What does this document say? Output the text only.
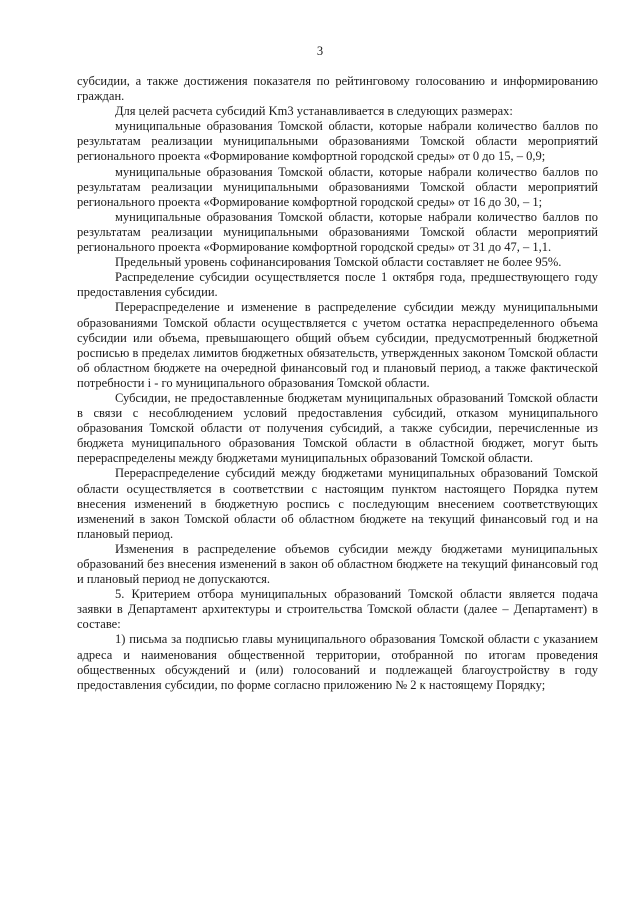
3

субсидии, а также достижения показателя по рейтинговому голосованию и информированию граждан.

Для целей расчета субсидий Km3 устанавливается в следующих размерах:

муниципальные образования Томской области, которые набрали количество баллов по результатам реализации муниципальными образованиями Томской области мероприятий регионального проекта «Формирование комфортной городской среды» от 0 до 15, – 0,9;

муниципальные образования Томской области, которые набрали количество баллов по результатам реализации муниципальными образованиями Томской области мероприятий регионального проекта «Формирование комфортной городской среды» от 16 до 30, – 1;

муниципальные образования Томской области, которые набрали количество баллов по результатам реализации муниципальными образованиями Томской области мероприятий регионального проекта «Формирование комфортной городской среды» от 31 до 47, – 1,1.

Предельный уровень софинансирования Томской области составляет не более 95%.

Распределение субсидии осуществляется после 1 октября года, предшествующего году предоставления субсидии.

Перераспределение и изменение в распределение субсидии между муниципальными образованиями Томской области осуществляется с учетом остатка нераспределенного объема субсидии или объема, превышающего общий объем субсидии, предусмотренный бюджетной росписью в пределах лимитов бюджетных обязательств, утвержденных законом Томской области об областном бюджете на очередной финансовый год и плановый период, а также фактической потребности i - го муниципального образования Томской области.

Субсидии, не предоставленные бюджетам муниципальных образований Томской области в связи с несоблюдением условий предоставления субсидий, отказом муниципального образования Томской области от получения субсидий, а также субсидии, перечисленные из бюджета муниципального образования Томской области в областной бюджет, могут быть перераспределены между бюджетами муниципальных образований Томской области.

Перераспределение субсидий между бюджетами муниципальных образований Томской области осуществляется в соответствии с настоящим пунктом настоящего Порядка путем внесения изменений в бюджетную роспись с последующим внесением соответствующих изменений в закон Томской области об областном бюджете на текущий финансовый год и на плановый период.

Изменения в распределение объемов субсидии между бюджетами муниципальных образований без внесения изменений в закон об областном бюджете на текущий финансовый год и плановый период не допускаются.

5. Критерием отбора муниципальных образований Томской области является подача заявки в Департамент архитектуры и строительства Томской области (далее – Департамент) в составе:

1) письма за подписью главы муниципального образования Томской области с указанием адреса и наименования общественной территории, отобранной по итогам проведения общественных обсуждений и (или) голосований и подлежащей благоустройству в году предоставления субсидии, по форме согласно приложению № 2 к настоящему Порядку;
